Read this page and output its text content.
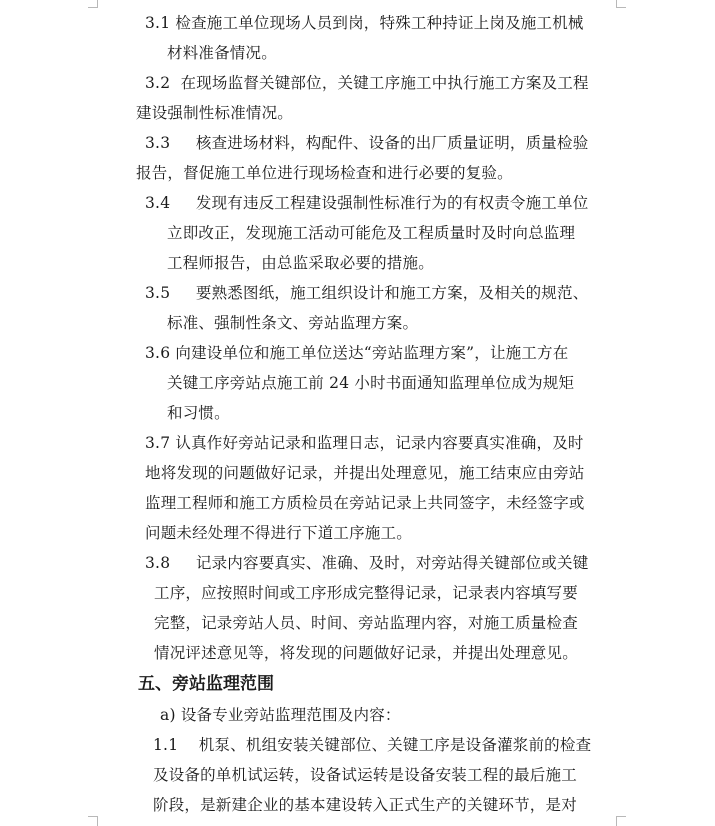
3.1 检查施工单位现场人员到岗，特殊工种持证上岗及施工机械
材料准备情况。
3.2 在现场监督关键部位，关键工序施工中执行施工方案及工程
建设强制性标准情况。
3.3 核查进场材料，构配件、设备的出厂质量证明，质量检验
报告，督促施工单位进行现场检查和进行必要的复验。
3.4 发现有违反工程建设强制性标准行为的有权责令施工单位
立即改正，发现施工活动可能危及工程质量时及时向总监理
工程师报告，由总监采取必要的措施。
3.5 要熟悉图纸，施工组织设计和施工方案，及相关的规范、
标准、强制性条文、旁站监理方案。
3.6 向建设单位和施工单位送达“旁站监理方案”，让施工方在
关键工序旁站点施工前 24 小时书面通知监理单位成为规矩
和习惯。
3.7 认真作好旁站记录和监理日志，记录内容要真实准确，及时
地将发现的问题做好记录，并提出处理意见，施工结束应由旁站
监理工程师和施工方质检员在旁站记录上共同签字，未经签字或
问题未经处理不得进行下道工序施工。
3.8 记录内容要真实、准确、及时，对旁站得关键部位或关键
工序，应按照时间或工序形成完整得记录，记录表内容填写要
完整，记录旁站人员、时间、旁站监理内容，对施工质量检查
情况评述意见等，将发现的问题做好记录，并提出处理意见。
五、旁站监理范围
a) 设备专业旁站监理范围及内容：
1.1 机泵、机组安装关键部位、关键工序是设备灌浆前的检查
及设备的单机试运转，设备试运转是设备安装工程的最后施工
阶段，是新建企业的基本建设转入正式生产的关键环节，是对
